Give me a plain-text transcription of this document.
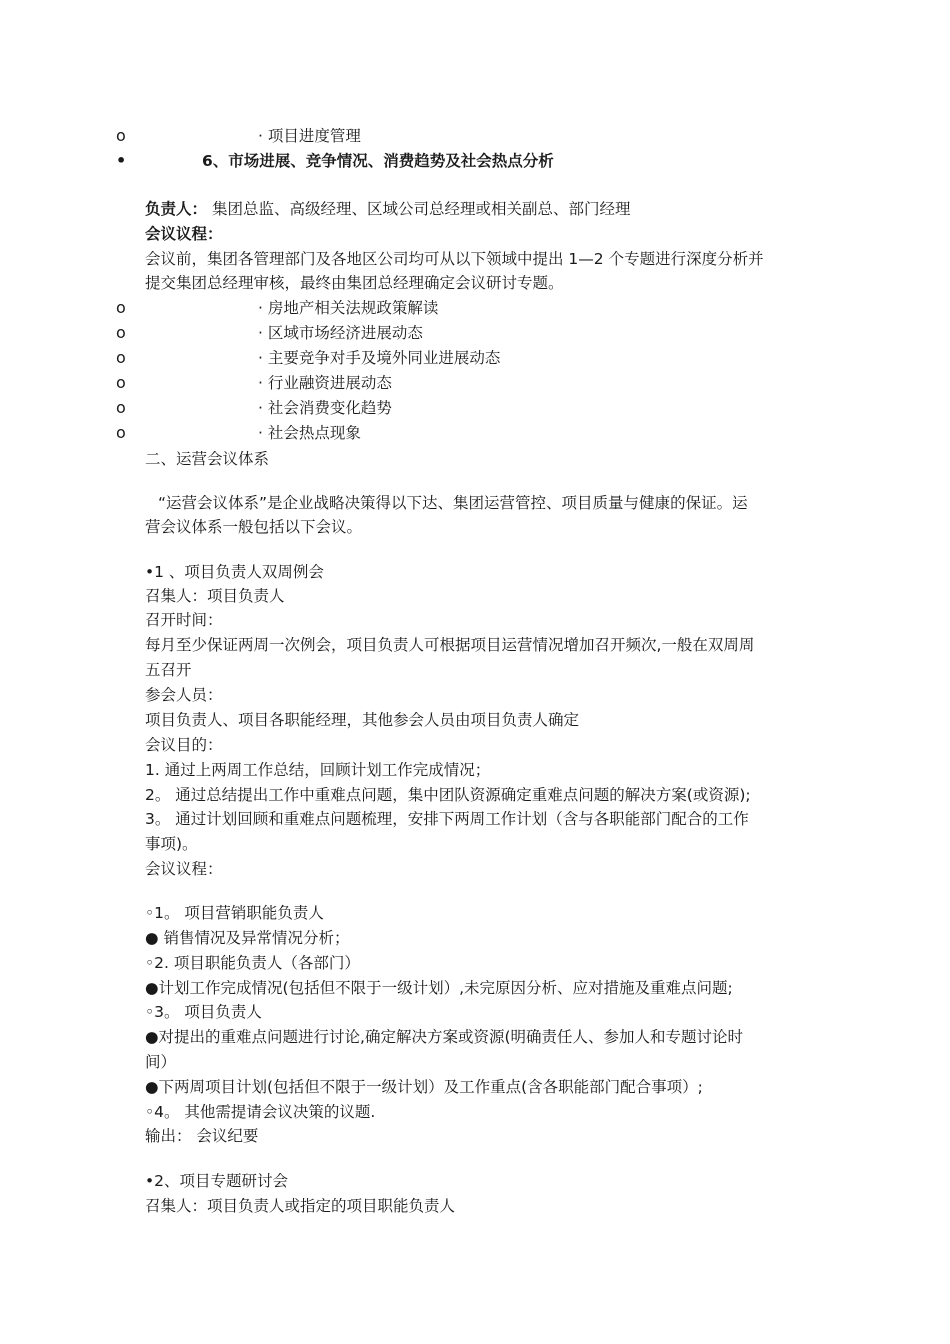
o	· 项目进度管理
•	6、市场进展、竞争情况、消费趋势及社会热点分析
负责人： 集团总监、高级经理、区域公司总经理或相关副总、部门经理
会议议程：
会议前，集团各管理部门及各地区公司均可从以下领域中提出 1—2 个专题进行深度分析并
提交集团总经理审核，最终由集团总经理确定会议研讨专题。
o	· 房地产相关法规政策解读
o	· 区域市场经济进展动态
o	· 主要竞争对手及境外同业进展动态
o	· 行业融资进展动态
o	· 社会消费变化趋势
o	· 社会热点现象
二、运营会议体系
“运营会议体系”是企业战略决策得以下达、集团运营管控、项目质量与健康的保证。运
营会议体系一般包括以下会议。
•1 、项目负责人双周例会
召集人：项目负责人
召开时间：
每月至少保证两周一次例会，项目负责人可根据项目运营情况增加召开频次,一般在双周周
五召开
参会人员：
项目负责人、项目各职能经理，其他参会人员由项目负责人确定
会议目的：
1. 通过上两周工作总结，回顾计划工作完成情况；
2。 通过总结提出工作中重难点问题，集中团队资源确定重难点问题的解决方案(或资源);
3。 通过计划回顾和重难点问题梳理，安排下两周工作计划（含与各职能部门配合的工作
事项)。
会议议程：
◦1。 项目营销职能负责人
● 销售情况及异常情况分析；
◦2. 项目职能负责人（各部门）
●计划工作完成情况(包括但不限于一级计划）,未完原因分析、应对措施及重难点问题;
◦3。 项目负责人
●对提出的重难点问题进行讨论,确定解决方案或资源(明确责任人、参加人和专题讨论时
间）
●下两周项目计划(包括但不限于一级计划）及工作重点(含各职能部门配合事项）;
◦4。 其他需提请会议决策的议题.
输出： 会议纪要
•2、项目专题研讨会
召集人：项目负责人或指定的项目职能负责人
